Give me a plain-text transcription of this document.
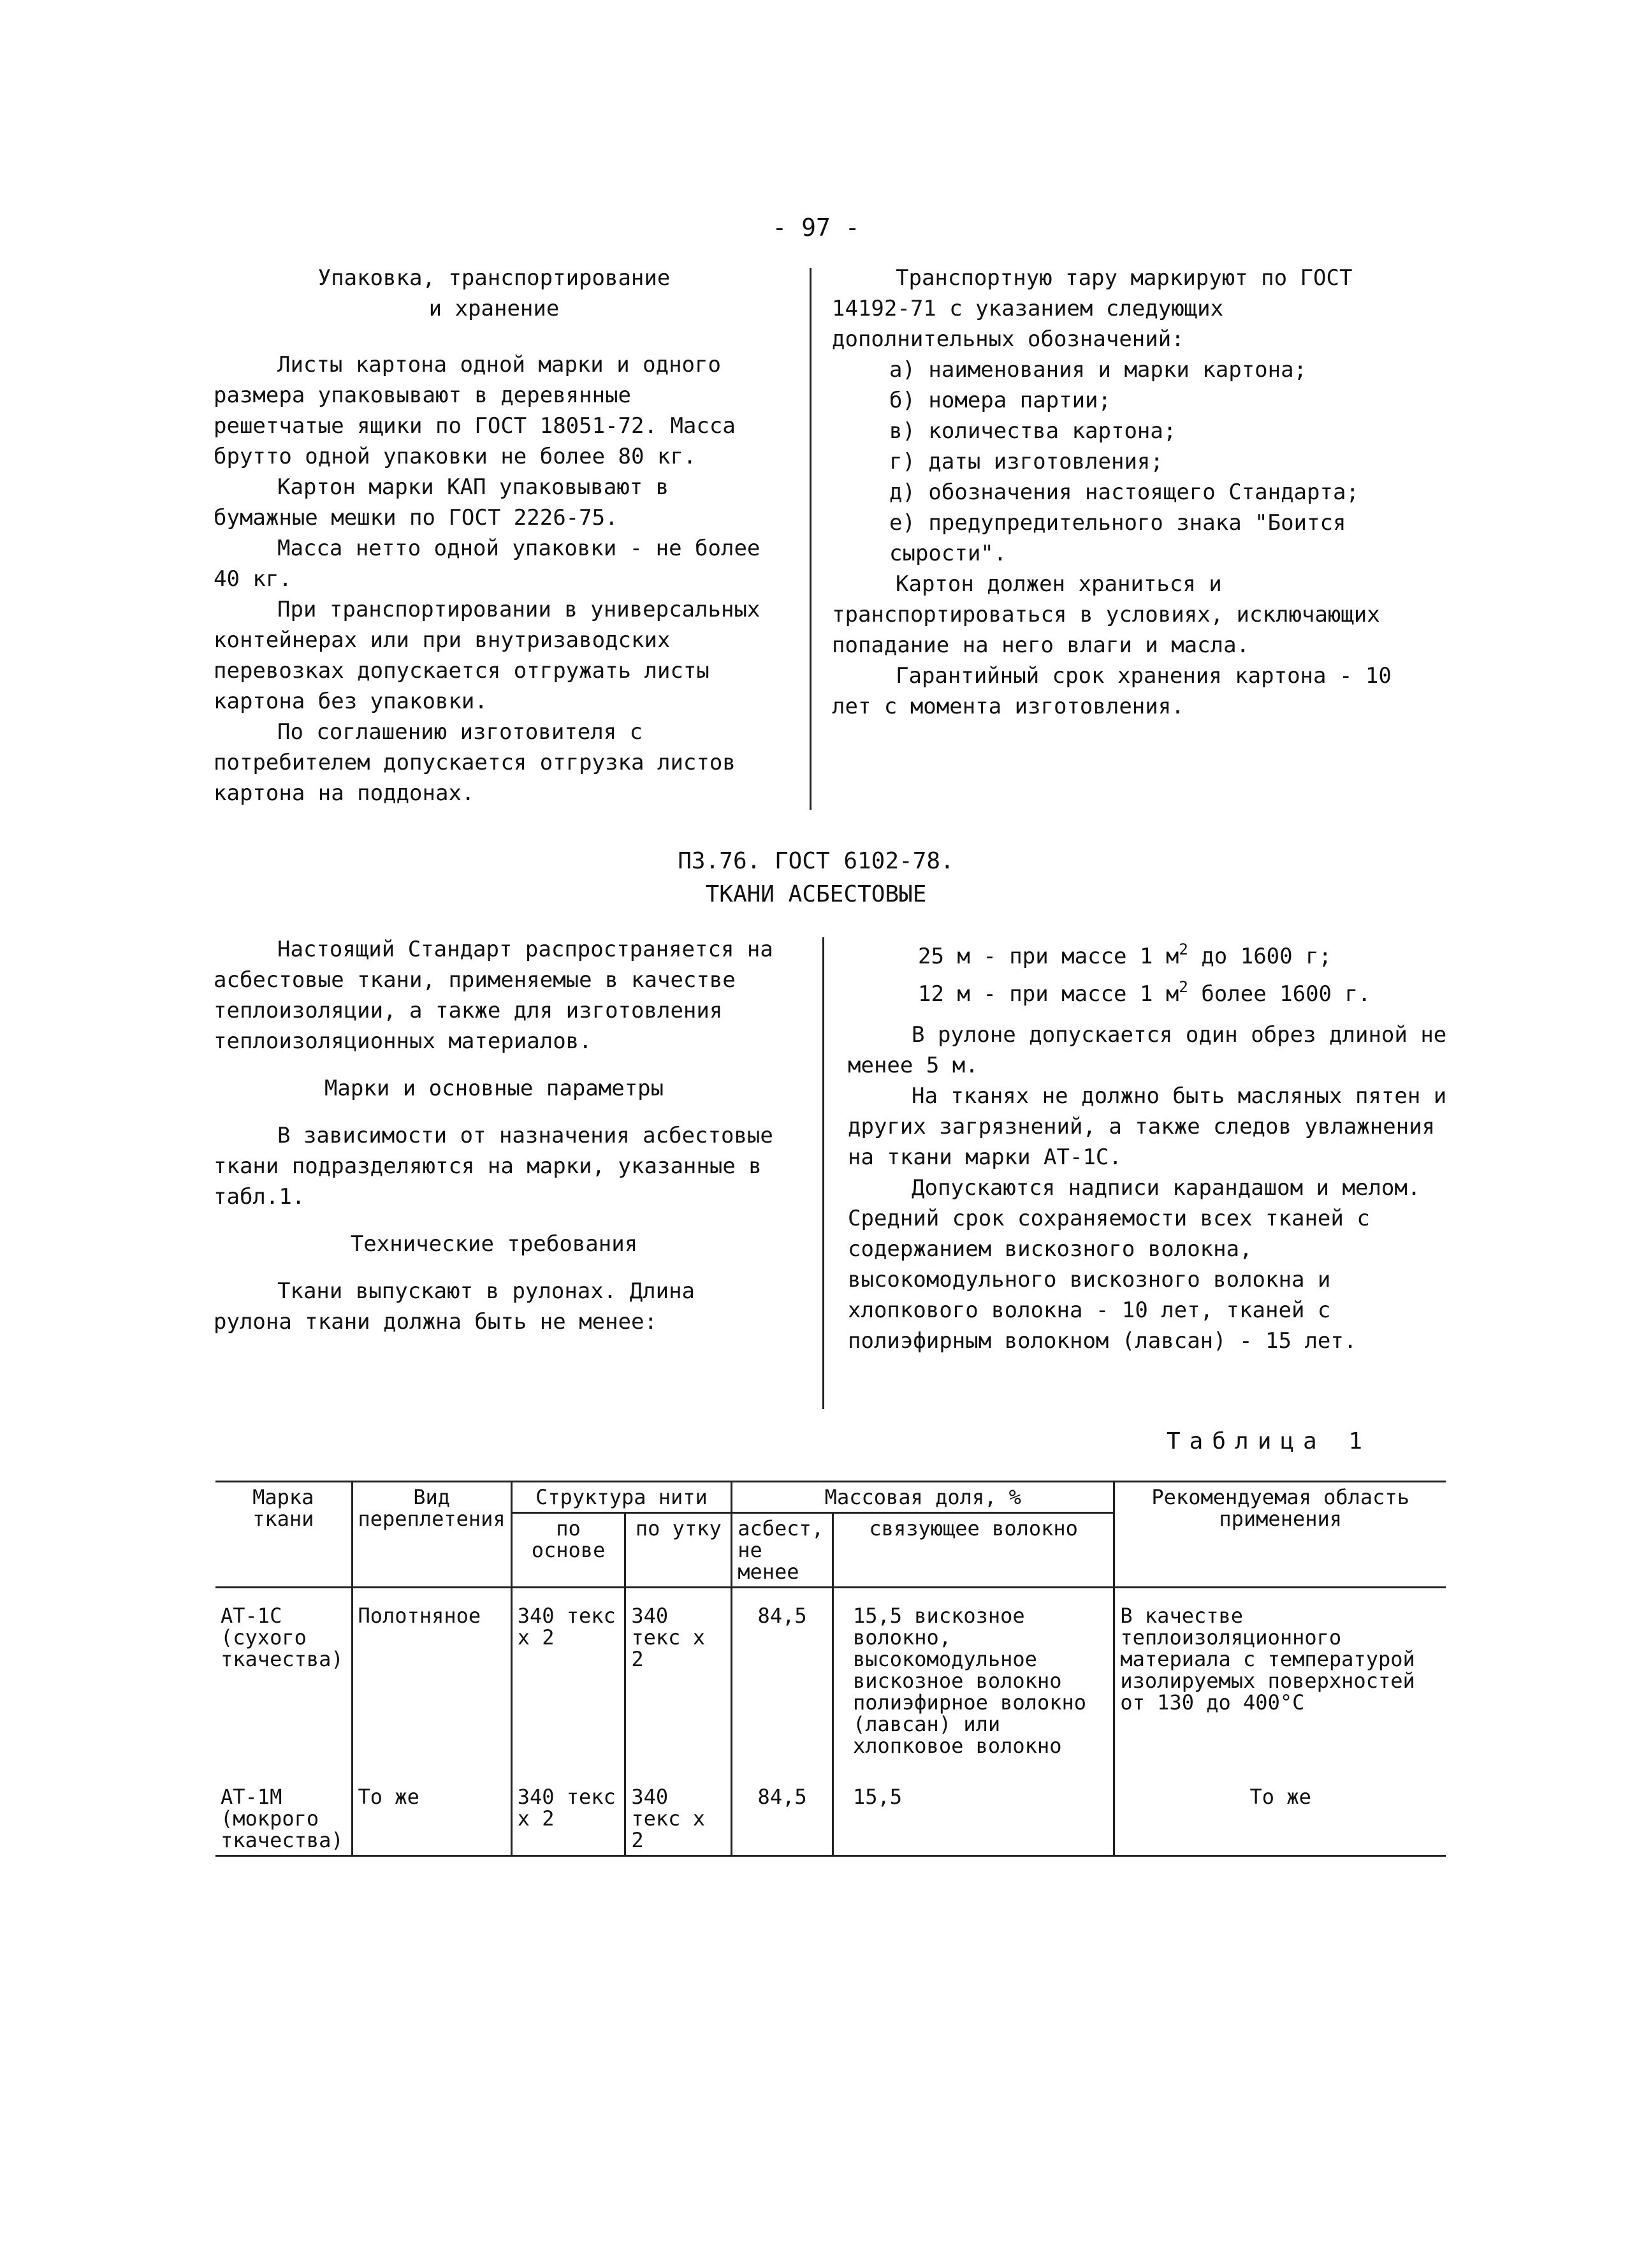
- 97 -

Упаковка, транспортирование

и хранение

Листы картона одной марки и одного размера упаковывают в деревянные решетчатые ящики по ГОСТ 18051-72. Масса брутто одной упаковки не более 80 кг.

Картон марки КАП упаковывают в бумажные мешки по ГОСТ 2226-75.

Масса нетто одной упаковки - не более 40 кг.

При транспортировании в универсальных контейнерах или при внутризаводских перевозках допускается отгружать листы картона без упаковки.

По соглашению изготовителя с потребителем допускается отгрузка листов картона на поддонах.

Транспортную тару маркируют по ГОСТ 14192-71 с указанием следующих дополнительных обозначений:

а) наименования и марки картона;

б) номера партии;

в) количества картона;

г) даты изготовления;

д) обозначения настоящего Стандарта;

е) предупредительного знака "Боится сырости".

Картон должен храниться и транспортироваться в условиях, исключающих попадание на него влаги и масла.

Гарантийный срок хранения картона - 10 лет с момента изготовления.

ПЗ.76. ГОСТ 6102-78.

ТКАНИ АСБЕСТОВЫЕ

Настоящий Стандарт распространяется на асбестовые ткани, применяемые в качестве теплоизоляции, а также для изготовления теплоизоляционных материалов.

Марки и основные параметры

В зависимости от назначения асбестовые ткани подразделяются на марки, указанные в табл.1.

Технические требования

Ткани выпускают в рулонах. Длина рулона ткани должна быть не менее:

25 м - при массе 1 $м^2$ до 1600 г;

12 м - при массе 1 $м^2$ более 1600 г.

В рулоне допускается один обрез длиной не менее 5 м.

На тканях не должно быть масляных пятен и других загрязнений, а также следов увлажнения на ткани марки АТ-1С.

Допускаются надписи карандашом и мелом. Средний срок сохраняемости всех тканей с содержанием вискозного волокна, высокомодульного вискозного волокна и хлопкового волокна - 10 лет, тканей с полиэфирным волокном (лавсан) - 15 лет.

Таблица 1
Марка ткани	Вид переплетения	Структура нити		Массовая доля, %		Рекомендуемая область применения
		по основе	по утку	асбест, не менее	связующее волокно	
АТ-1С (сухого ткачества)	Полотняное	340 текс х 2	340 текс х 2	84,5	15,5 вискозное волокно, высокомодульное вискозное волокно полиэфирное волокно (лавсан) или хлопковое волокно	В качестве теплоизоляционного материала с температурой изолируемых поверхностей от 130 до 400°С
АТ-1М (мокрого ткачества)	То же	340 текс х 2	340 текс х 2	84,5	15,5	То же
